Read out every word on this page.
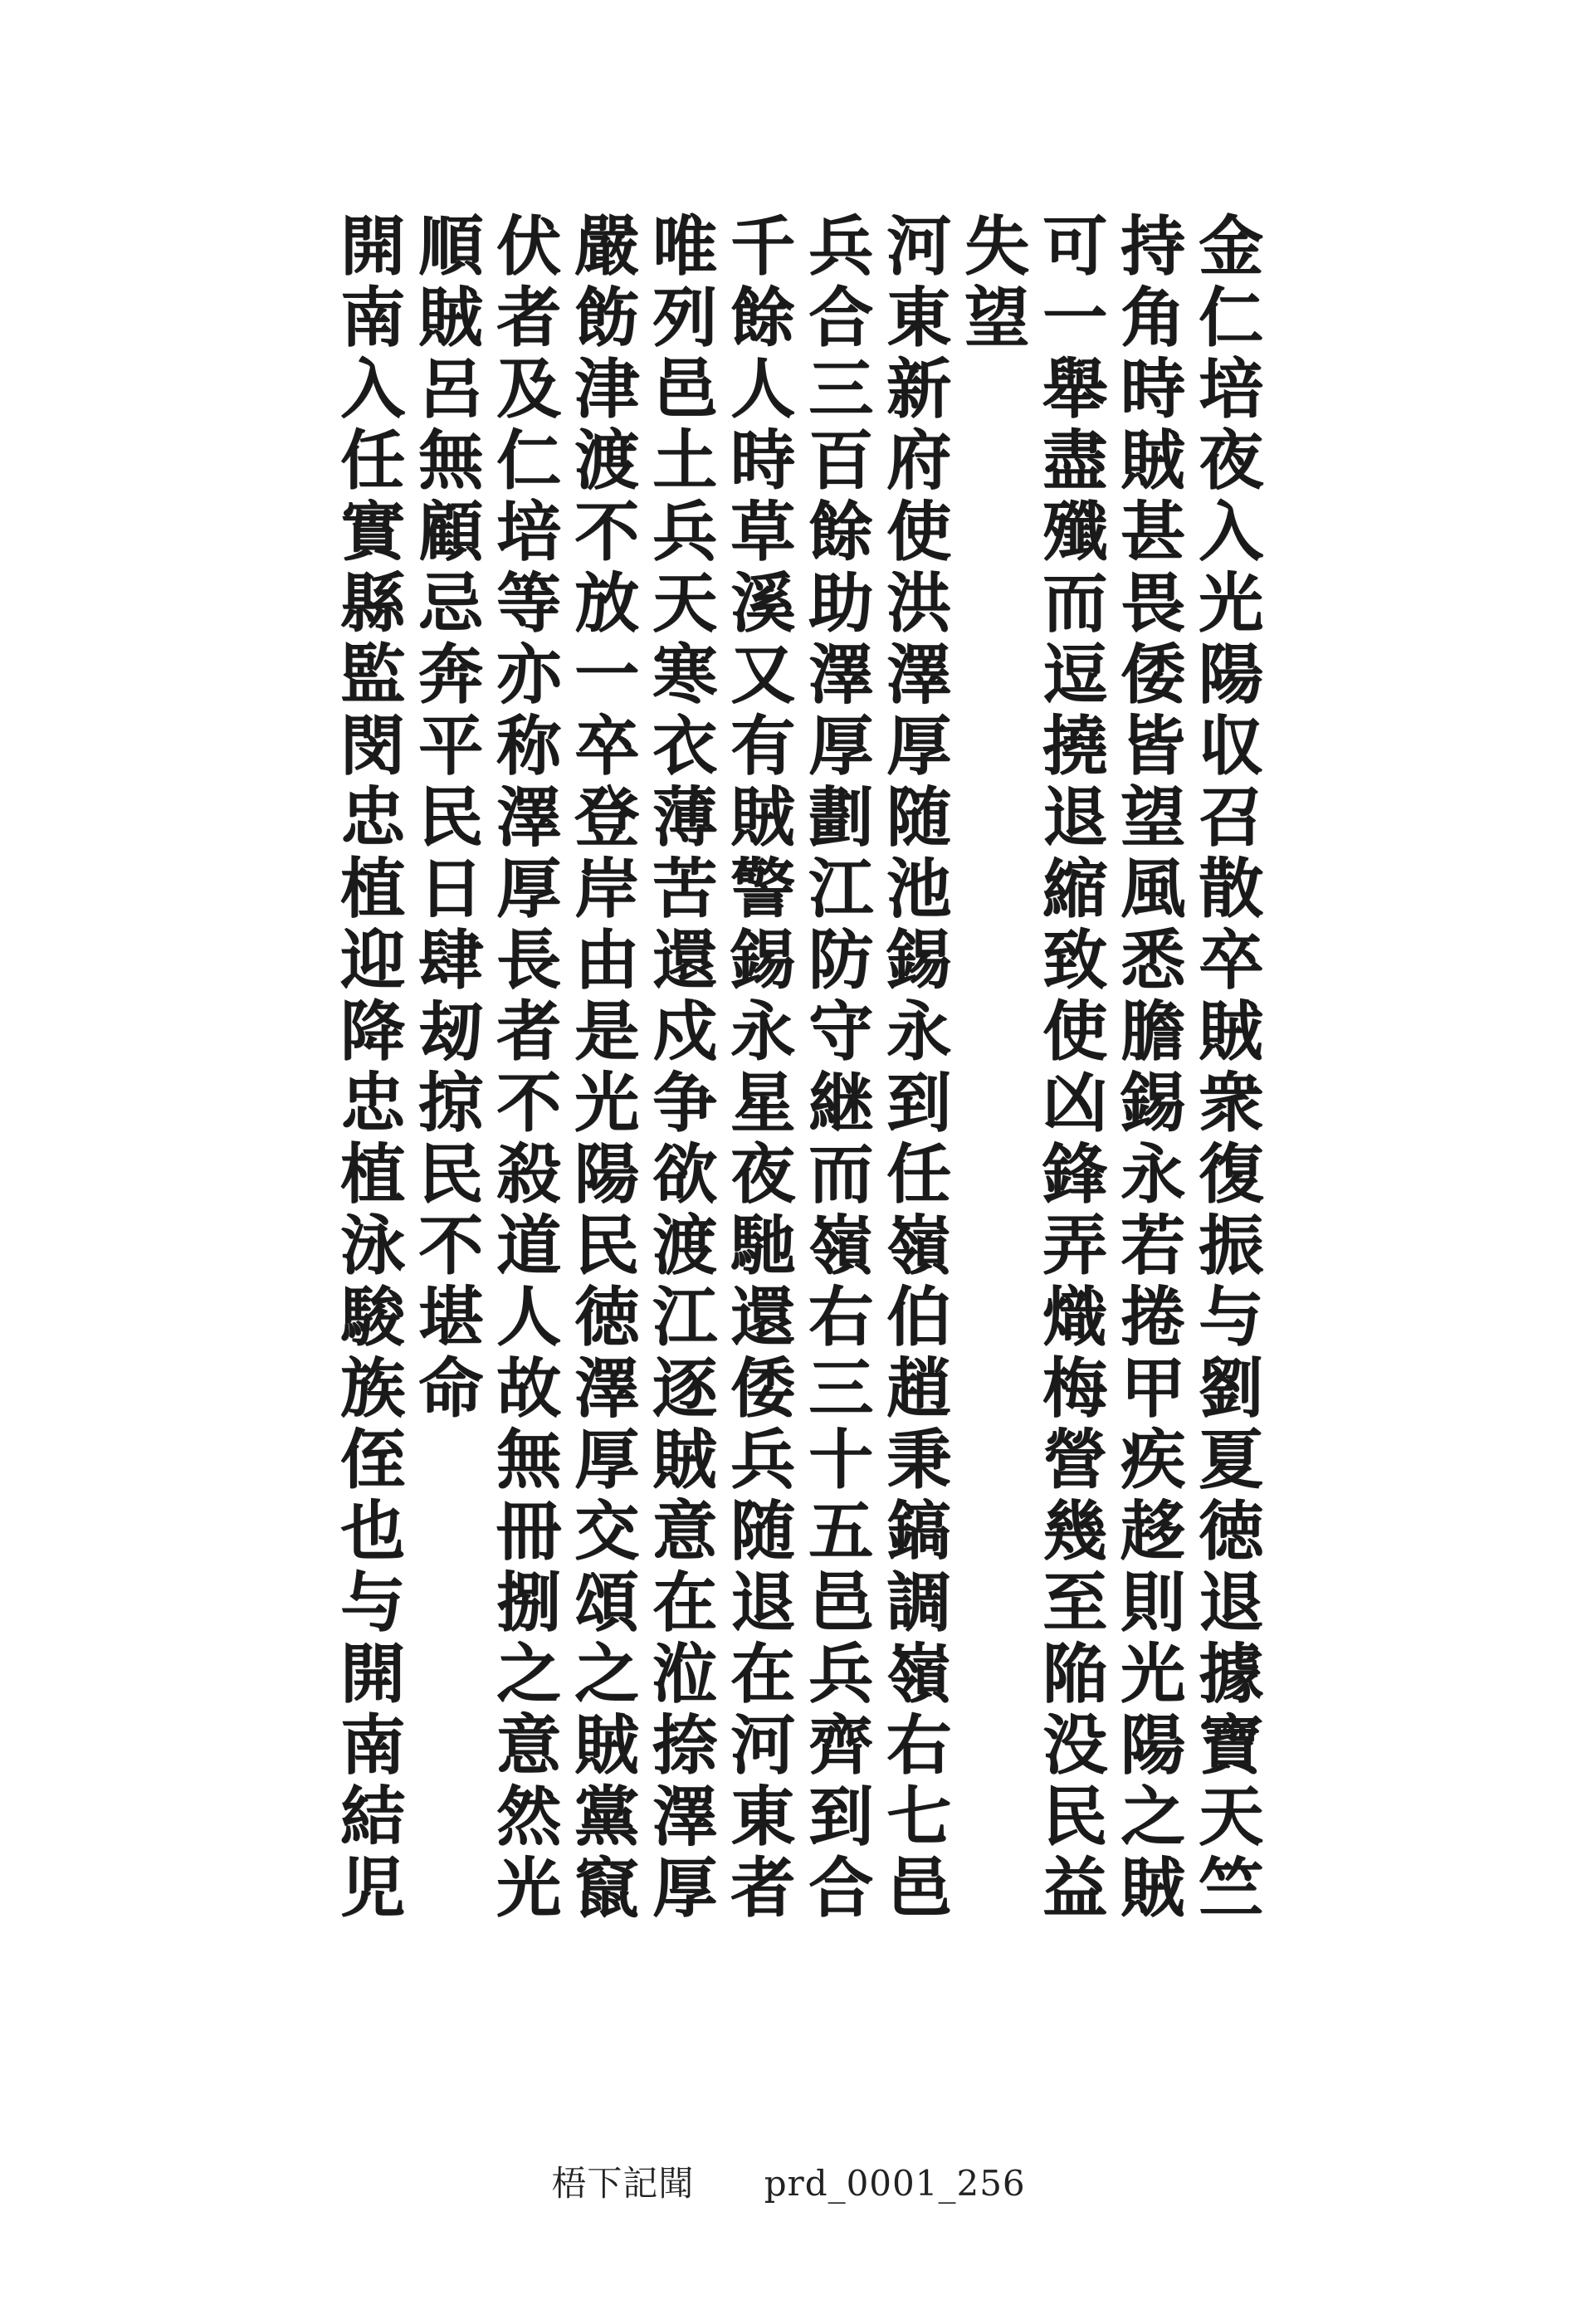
金仁培夜入光陽収召散卒賊衆復振与劉夏徳退據寶天竺
持角時賊甚畏倭皆望風悉膽錫永若捲甲疾趍則光陽之賊
可一舉盡殲而逗撓退縮致使凶鋒弄熾梅營幾至陥没民益
失望
河東新府使洪澤厚随池錫永到任嶺伯趙秉鎬調嶺右七邑
兵合三百餘助澤厚劃江防守継而嶺右三十五邑兵齊到合
千餘人時草溪又有賊警錫永星夜馳還倭兵随退在河東者
唯列邑土兵天寒衣薄苦還戍争欲渡江逐賊意在涖捺澤厚
嚴飭津渡不放一卒登岸由是光陽民徳澤厚交頌之賊黨竄
伏者及仁培等亦称澤厚長者不殺道人故無冊捌之意然光
順賊呂無顧忌奔平民日肆刼掠民不堪命
開南入任實縣監閔忠植迎降忠植泳駿族侄也与開南結児
梧下記聞 prd_0001_256
